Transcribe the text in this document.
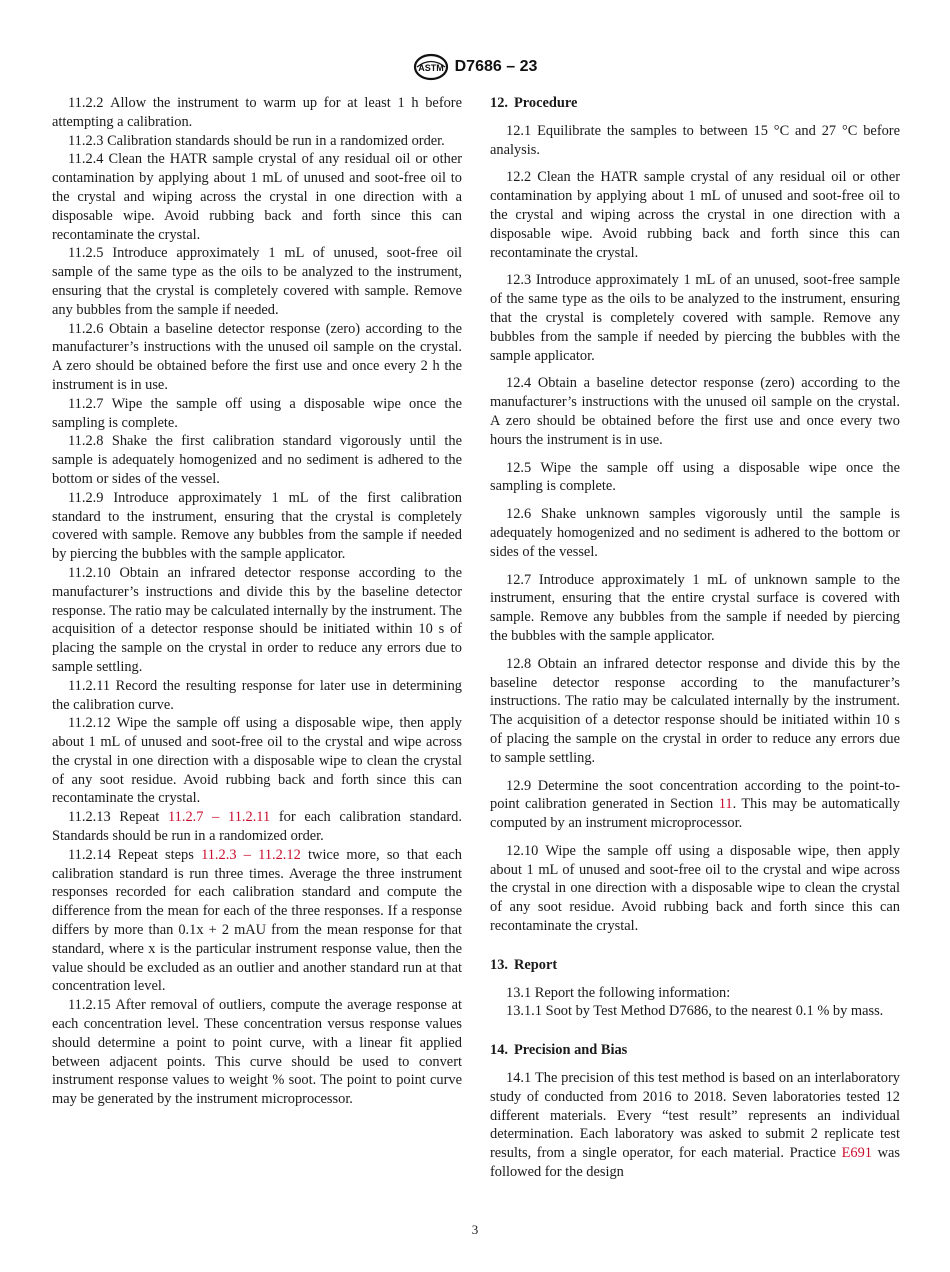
ASTM D7686 – 23

11.2.2 Allow the instrument to warm up for at least 1 h before attempting a calibration.

11.2.3 Calibration standards should be run in a randomized order.

11.2.4 Clean the HATR sample crystal of any residual oil or other contamination by applying about 1 mL of unused and soot-free oil to the crystal and wiping across the crystal in one direction with a disposable wipe. Avoid rubbing back and forth since this can recontaminate the crystal.

11.2.5 Introduce approximately 1 mL of unused, soot-free oil sample of the same type as the oils to be analyzed to the instrument, ensuring that the crystal is completely covered with sample. Remove any bubbles from the sample if needed.

11.2.6 Obtain a baseline detector response (zero) according to the manufacturer’s instructions with the unused oil sample on the crystal. A zero should be obtained before the first use and once every 2 h the instrument is in use.

11.2.7 Wipe the sample off using a disposable wipe once the sampling is complete.

11.2.8 Shake the first calibration standard vigorously until the sample is adequately homogenized and no sediment is adhered to the bottom or sides of the vessel.

11.2.9 Introduce approximately 1 mL of the first calibration standard to the instrument, ensuring that the crystal is completely covered with sample. Remove any bubbles from the sample if needed by piercing the bubbles with the sample applicator.

11.2.10 Obtain an infrared detector response according to the manufacturer’s instructions and divide this by the baseline detector response. The ratio may be calculated internally by the instrument. The acquisition of a detector response should be initiated within 10 s of placing the sample on the crystal in order to reduce any errors due to sample settling.

11.2.11 Record the resulting response for later use in determining the calibration curve.

11.2.12 Wipe the sample off using a disposable wipe, then apply about 1 mL of unused and soot-free oil to the crystal and wipe across the crystal in one direction with a disposable wipe to clean the crystal of any soot residue. Avoid rubbing back and forth since this can recontaminate the crystal.

11.2.13 Repeat 11.2.7 – 11.2.11 for each calibration standard. Standards should be run in a randomized order.

11.2.14 Repeat steps 11.2.3 – 11.2.12 twice more, so that each calibration standard is run three times. Average the three instrument responses recorded for each calibration standard and compute the difference from the mean for each of the three responses. If a response differs by more than 0.1x + 2 mAU from the mean response for that standard, where x is the particular instrument response value, then the value should be excluded as an outlier and another standard run at that concentration level.

11.2.15 After removal of outliers, compute the average response at each concentration level. These concentration versus response values should determine a point to point curve, with a linear fit applied between adjacent points. This curve should be used to convert instrument response values to weight % soot. The point to point curve may be generated by the instrument microprocessor.

12. Procedure

12.1 Equilibrate the samples to between 15 °C and 27 °C before analysis.

12.2 Clean the HATR sample crystal of any residual oil or other contamination by applying about 1 mL of unused and soot-free oil to the crystal and wiping across the crystal in one direction with a disposable wipe. Avoid rubbing back and forth since this can recontaminate the crystal.

12.3 Introduce approximately 1 mL of an unused, soot-free sample of the same type as the oils to be analyzed to the instrument, ensuring that the crystal is completely covered with sample. Remove any bubbles from the sample if needed by piercing the bubbles with the sample applicator.

12.4 Obtain a baseline detector response (zero) according to the manufacturer’s instructions with the unused oil sample on the crystal. A zero should be obtained before the first use and once every two hours the instrument is in use.

12.5 Wipe the sample off using a disposable wipe once the sampling is complete.

12.6 Shake unknown samples vigorously until the sample is adequately homogenized and no sediment is adhered to the bottom or sides of the vessel.

12.7 Introduce approximately 1 mL of unknown sample to the instrument, ensuring that the entire crystal surface is covered with sample. Remove any bubbles from the sample if needed by piercing the bubbles with the sample applicator.

12.8 Obtain an infrared detector response and divide this by the baseline detector response according to the manufacturer’s instructions. The ratio may be calculated internally by the instrument. The acquisition of a detector response should be initiated within 10 s of placing the sample on the crystal in order to reduce any errors due to sample settling.

12.9 Determine the soot concentration according to the point-to-point calibration generated in Section 11. This may be automatically computed by an instrument microprocessor.

12.10 Wipe the sample off using a disposable wipe, then apply about 1 mL of unused and soot-free oil to the crystal and wipe across the crystal in one direction with a disposable wipe to clean the crystal of any soot residue. Avoid rubbing back and forth since this can recontaminate the crystal.

13. Report

13.1 Report the following information:

13.1.1 Soot by Test Method D7686, to the nearest 0.1 % by mass.

14. Precision and Bias

14.1 The precision of this test method is based on an interlaboratory study of conducted from 2016 to 2018. Seven laboratories tested 12 different materials. Every “test result” represents an individual determination. Each laboratory was asked to submit 2 replicate test results, from a single operator, for each material. Practice E691 was followed for the design

3
